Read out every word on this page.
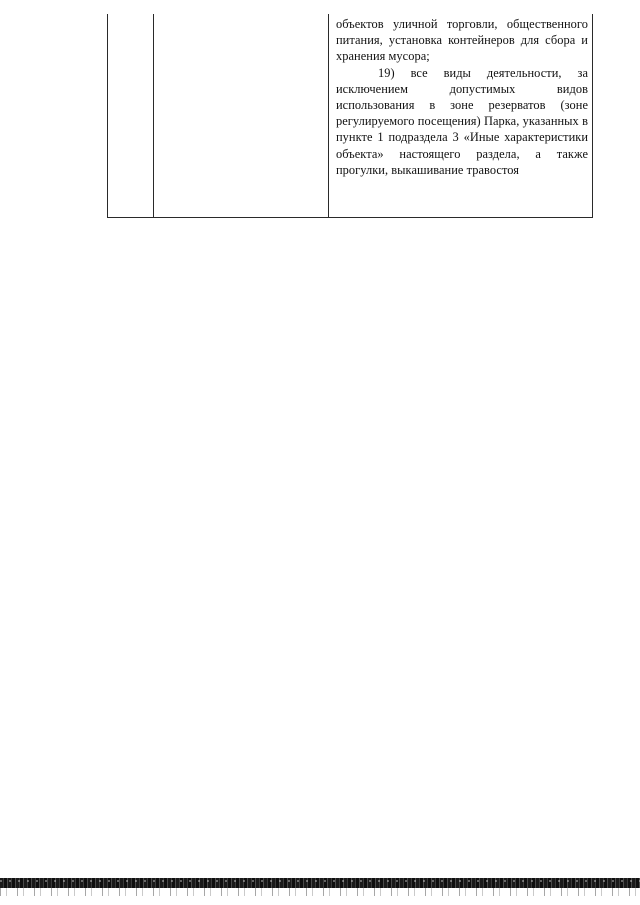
объектов уличной торговли, общественного питания, установка контейнеров для сбора и хранения мусора;

19) все виды деятельности, за исключением допустимых видов использования в зоне резерватов (зоне регулируемого посещения) Парка, указанных в пункте 1 подраздела 3 «Иные характеристики объекта» настоящего раздела, а также прогулки, выкашивание травостоя
